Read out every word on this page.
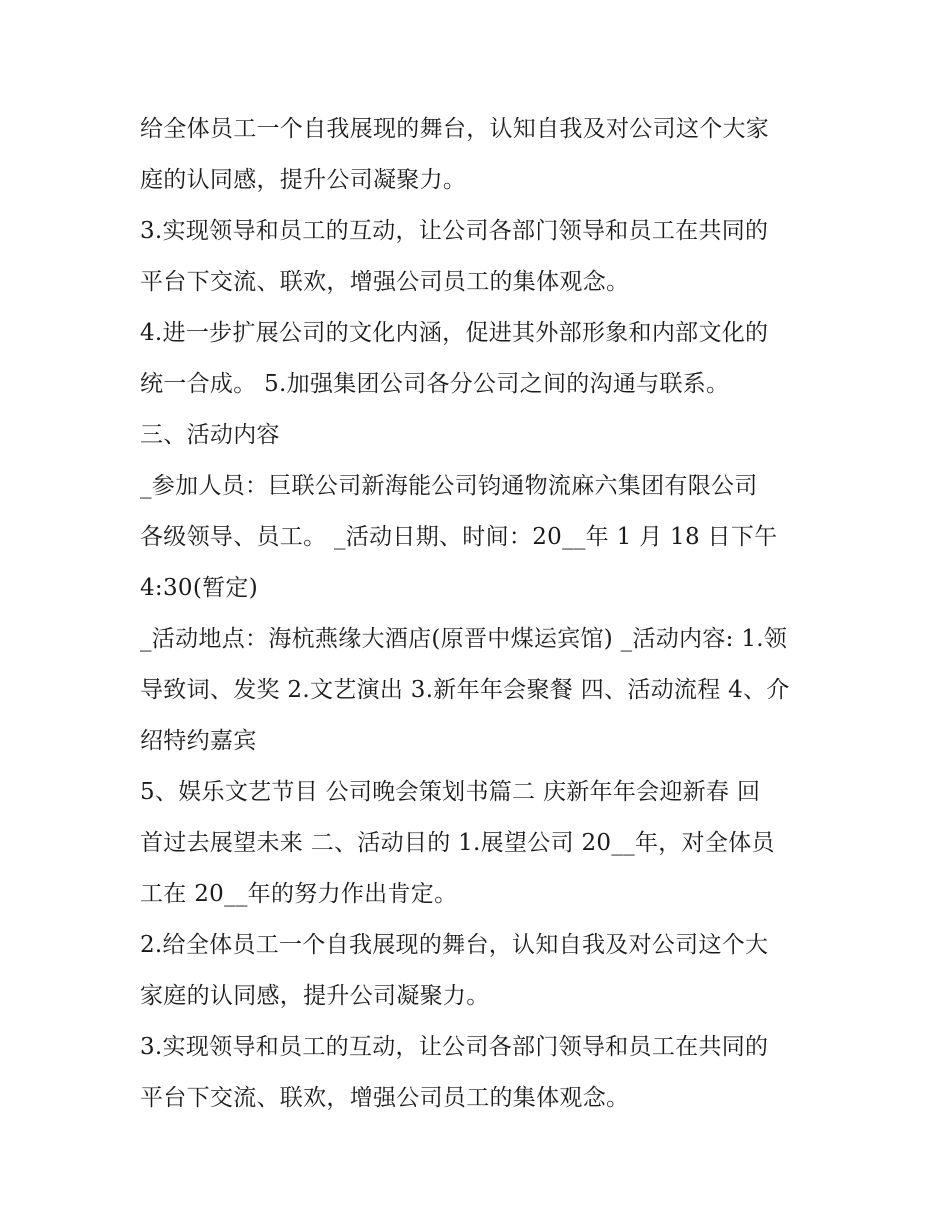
给全体员工一个自我展现的舞台，认知自我及对公司这个大家

庭的认同感，提升公司凝聚力。

3.实现领导和员工的互动，让公司各部门领导和员工在共同的

平台下交流、联欢，增强公司员工的集体观念。

4.进一步扩展公司的文化内涵，促进其外部形象和内部文化的

统一合成。 5.加强集团公司各分公司之间的沟通与联系。

三、活动内容

_参加人员：巨联公司新海能公司钧通物流麻六集团有限公司

各级领导、员工。 _活动日期、时间：20__年 1 月 18 日下午

4:30(暂定)

_活动地点：海杭燕缘大酒店(原晋中煤运宾馆) _活动内容: 1.领

导致词、发奖 2.文艺演出 3.新年年会聚餐 四、活动流程 4、介

绍特约嘉宾

5、娱乐文艺节目 公司晚会策划书篇二 庆新年年会迎新春 回

首过去展望未来 二、活动目的 1.展望公司 20__年，对全体员

工在 20__年的努力作出肯定。

2.给全体员工一个自我展现的舞台，认知自我及对公司这个大

家庭的认同感，提升公司凝聚力。

3.实现领导和员工的互动，让公司各部门领导和员工在共同的

平台下交流、联欢，增强公司员工的集体观念。
